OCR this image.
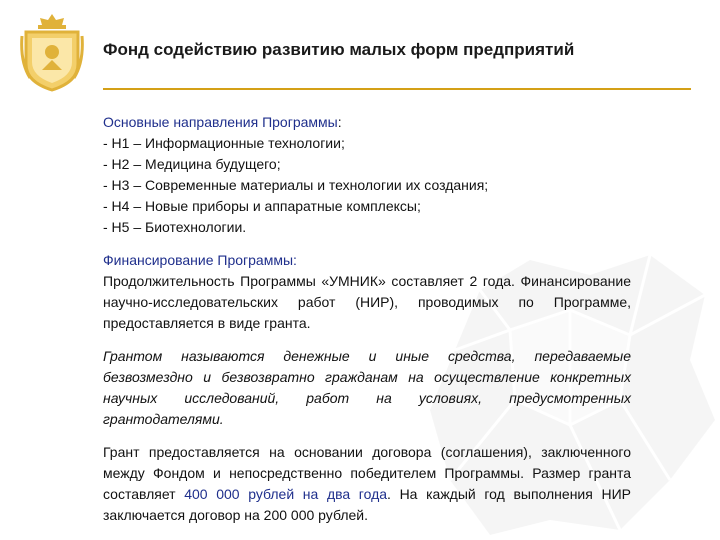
Фонд содействию развитию малых форм предприятий
Основные направления Программы:
- Н1 – Информационные технологии;
- Н2 – Медицина будущего;
- Н3 – Современные материалы и технологии их создания;
- Н4 – Новые приборы и аппаратные комплексы;
- Н5 – Биотехнологии.
Финансирование Программы:
Продолжительность Программы «УМНИК» составляет 2 года. Финансирование научно-исследовательских работ (НИР), проводимых по Программе, предоставляется в виде гранта.
Грантом называются денежные и иные средства, передаваемые безвозмездно и безвозвратно гражданам на осуществление конкретных научных исследований, работ на условиях, предусмотренных грантодателями.
Грант предоставляется на основании договора (соглашения), заключенного между Фондом и непосредственно победителем Программы. Размер гранта составляет 400 000 рублей на два года. На каждый год выполнения НИР заключается договор на 200 000 рублей.
